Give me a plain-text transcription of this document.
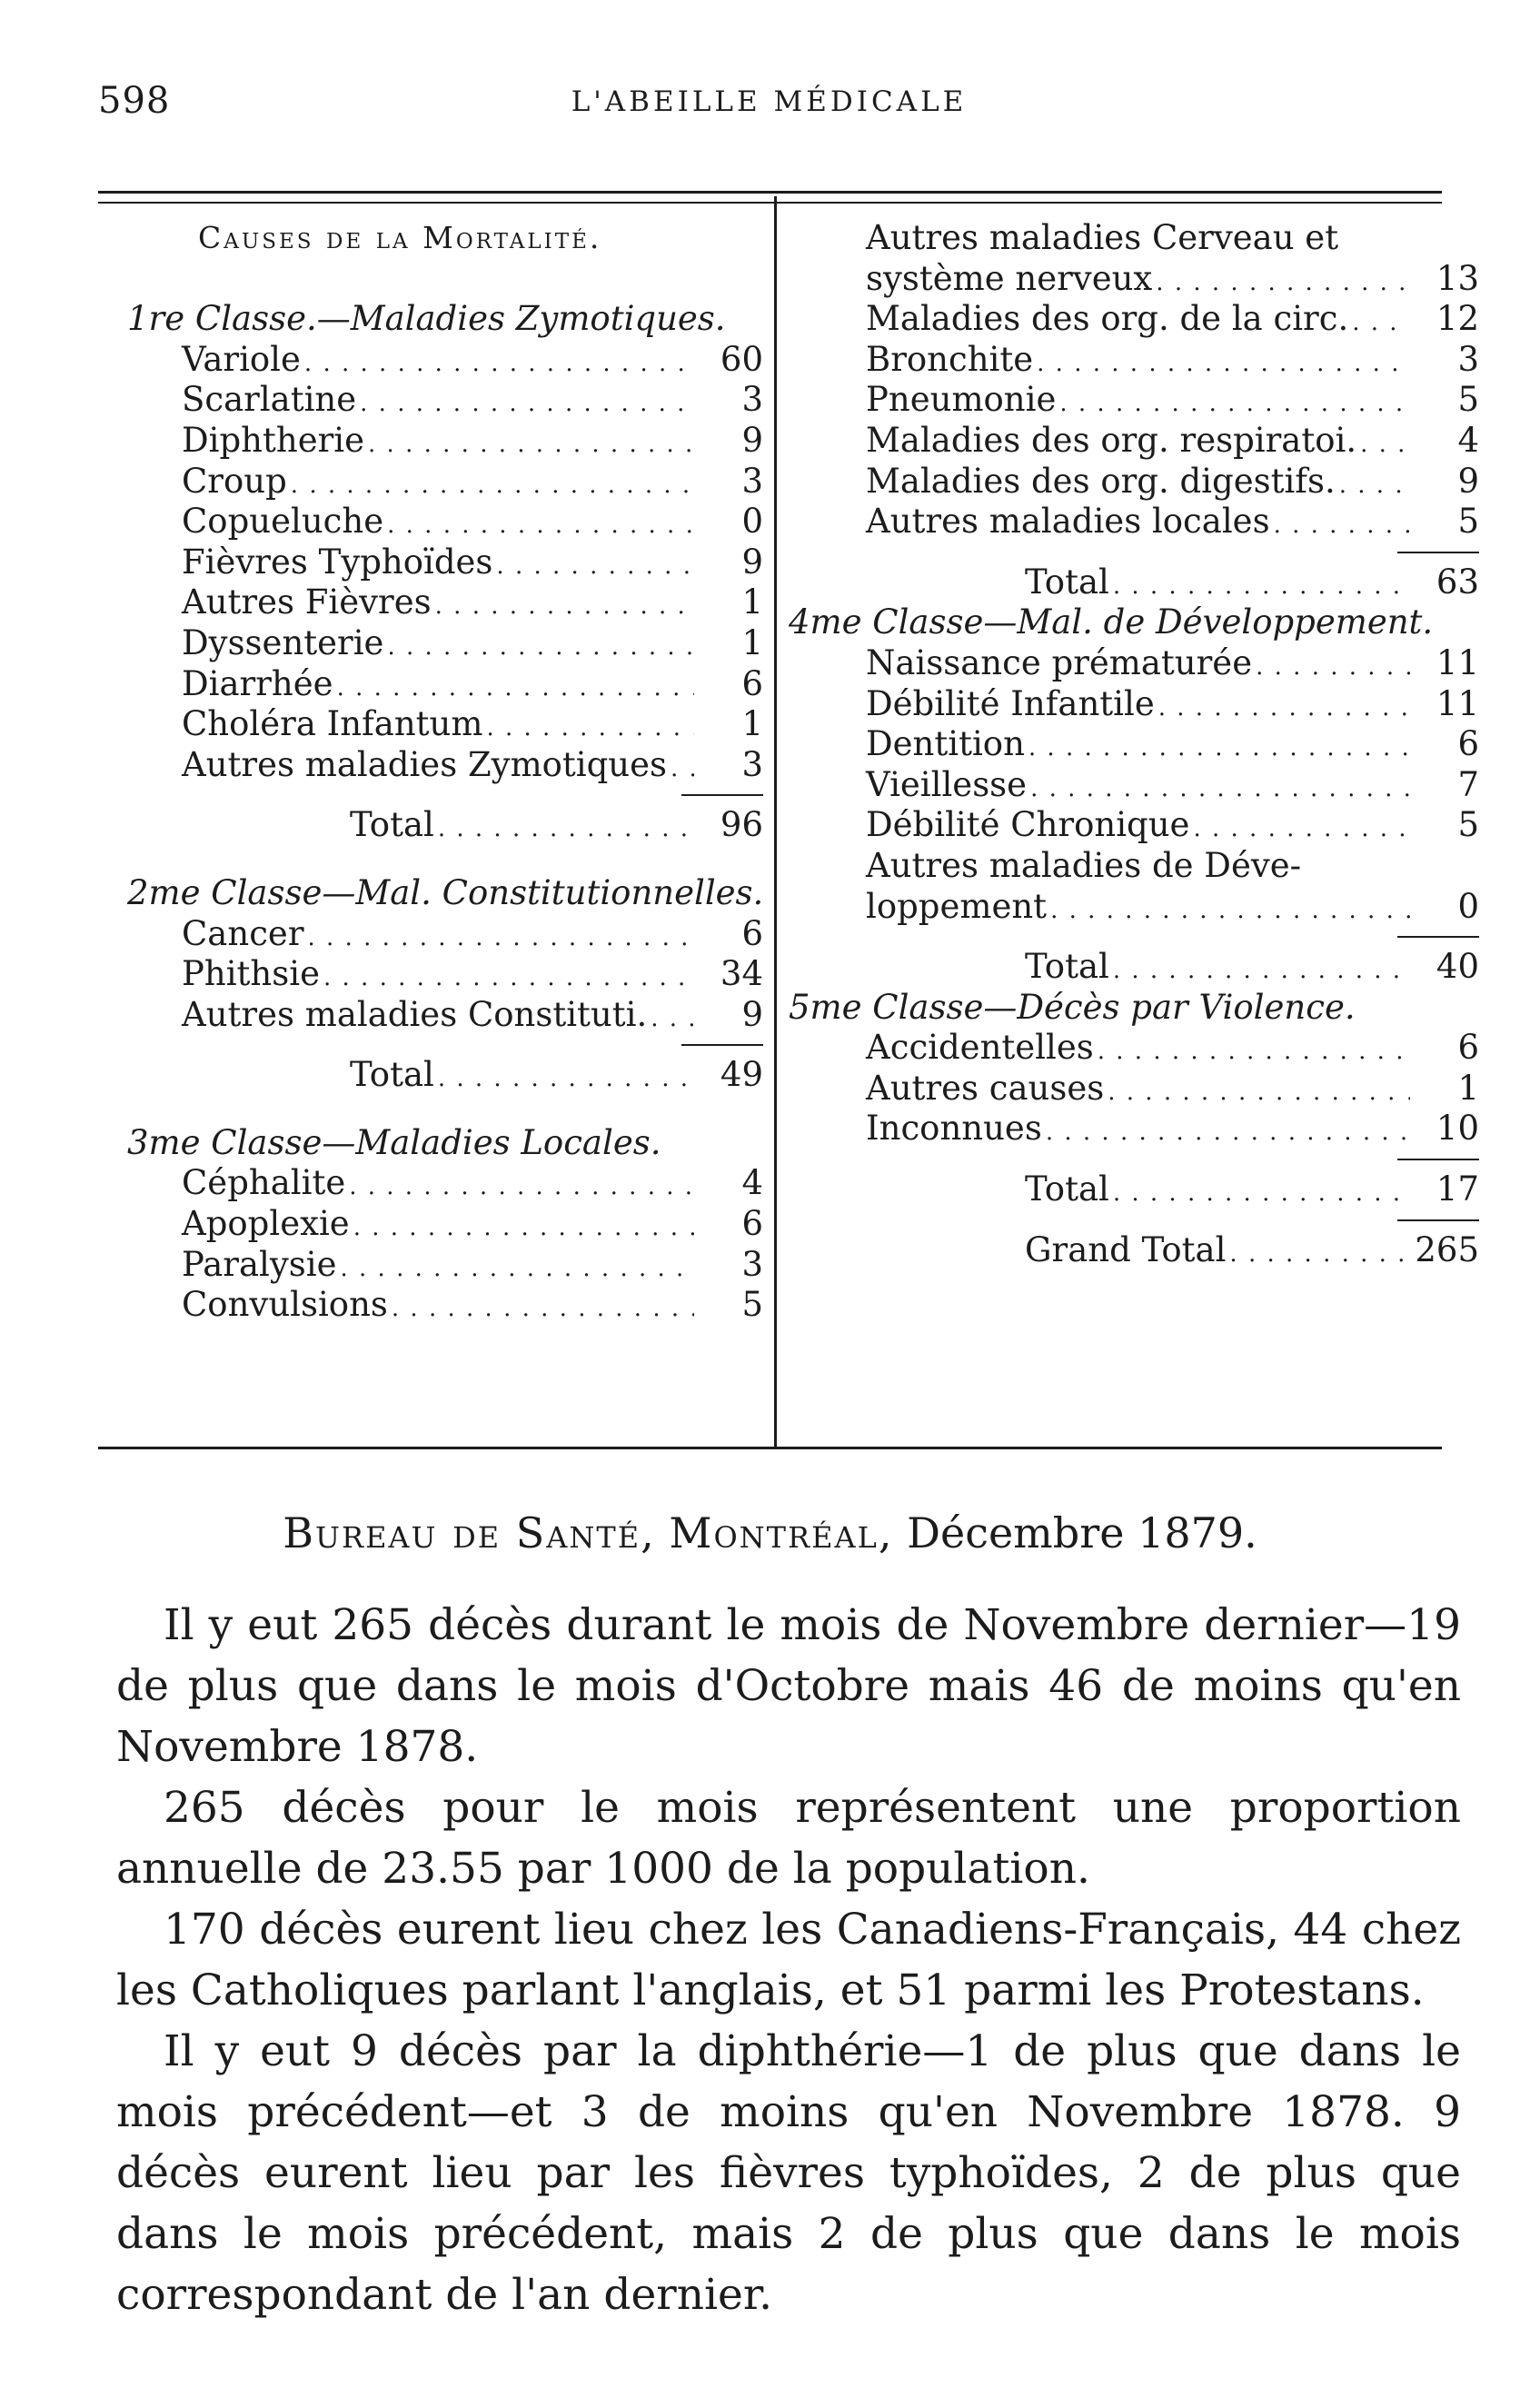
598	L'ABEILLE MÉDICALE
Causes de la Mortalité.
1re Classe.—Maladies Zymotiques.
Variole . . .	60
Scarlatine . . .	3
Diphtherie . . .	9
Croup . . .	3
Copueluche . . .	0
Fièvres Typhoïdes . . .	9
Autres Fièvres . . .	1
Dyssenterie . . .	1
Diarrhée . . .	6
Choléra Infantum . . .	1
Autres maladies Zymotiques . . . 3
Total . . .	96
2me Classe—Mal. Constitutionnelles.
Cancer . . .	6
Phithsie . . .	34
Autres maladies Constituti. . . .	9
Total . . .	49
3me Classe—Maladies Locales.
Céphalite . . .	4
Apoplexie . . .	6
Paralysie . . .	3
Convulsions . . .	5
Autres maladies Cerveau et
système nerveux . . .	13
Maladies des org. de la circ. . . .	12
Bronchite . . .	3
Pneumonie . . .	5
Maladies des org. respiratoi. . . .	4
Maladies des org. digestifs. . . .	9
Autres maladies locales . . .	5
Total . . .	63
4me Classe—Mal. de Développement.
Naissance prématurée . . .	11
Débilité Infantile . . .	11
Dentition . . .	6
Vieillesse . . .	7
Débilité Chronique . . .	5
Autres maladies de Déve-
loppement . . .	0
Total . . .	40
5me Classe—Décès par Violence.
Accidentelles . . .	6
Autres causes . . .	1
Inconnues . . .	10
Total . . .	17
Grand Total . . .	265
Bureau de Santé, Montréal, Décembre 1879.

Il y eut 265 décès durant le mois de Novembre dernier—19 de plus que dans le mois d'Octobre mais 46 de moins qu'en Novembre 1878.

265 décès pour le mois représentent une proportion annuelle de 23.55 par 1000 de la population.

170 décès eurent lieu chez les Canadiens-Français, 44 chez les Catholiques parlant l'anglais, et 51 parmi les Protestans.

Il y eut 9 décès par la diphthérie—1 de plus que dans le mois précédent—et 3 de moins qu'en Novembre 1878. 9 décès eurent lieu par les fièvres typhoïdes, 2 de plus que dans le mois précédent, mais 2 de plus que dans le mois correspondant de l'an dernier.
